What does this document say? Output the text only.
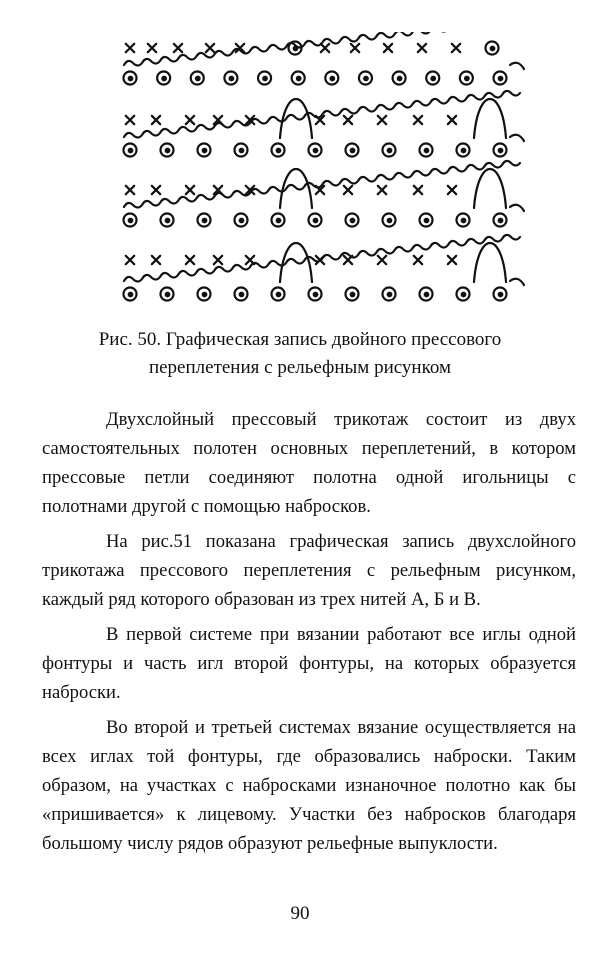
Рис. 50. Графическая запись двойного прессового
переплетения с рельефным рисунком

Двухслойный прессовый трикотаж состоит из двух самостоятельных полотен основных переплетений, в котором прессовые петли соединяют полотна одной игольницы с полотнами другой с помощью набросков.

На рис.51 показана графическая запись двухслойного трикотажа прессового переплетения с рельефным рисунком, каждый ряд которого образован из трех нитей А, Б и В.

В первой системе при вязании работают все иглы одной фонтуры и часть игл второй фонтуры, на которых образуется наброски.

Во второй и третьей системах вязание осуществляется на всех иглах той фонтуры, где образовались наброски. Таким образом, на участках с набросками изнаночное полотно как бы «пришивается» к лицевому. Участки без набросков благодаря большому числу рядов образуют рельефные выпуклости.

90
